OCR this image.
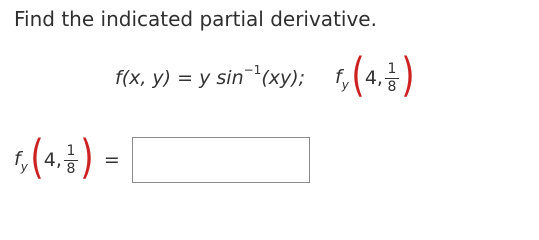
Find the indicated partial derivative.
f(x, y)
=
y sin −1 (xy); $f_y$ ( 4, $\frac{1}{8}$ )
$f_y$ ( 4, $\frac{1}{8}$ ) =
